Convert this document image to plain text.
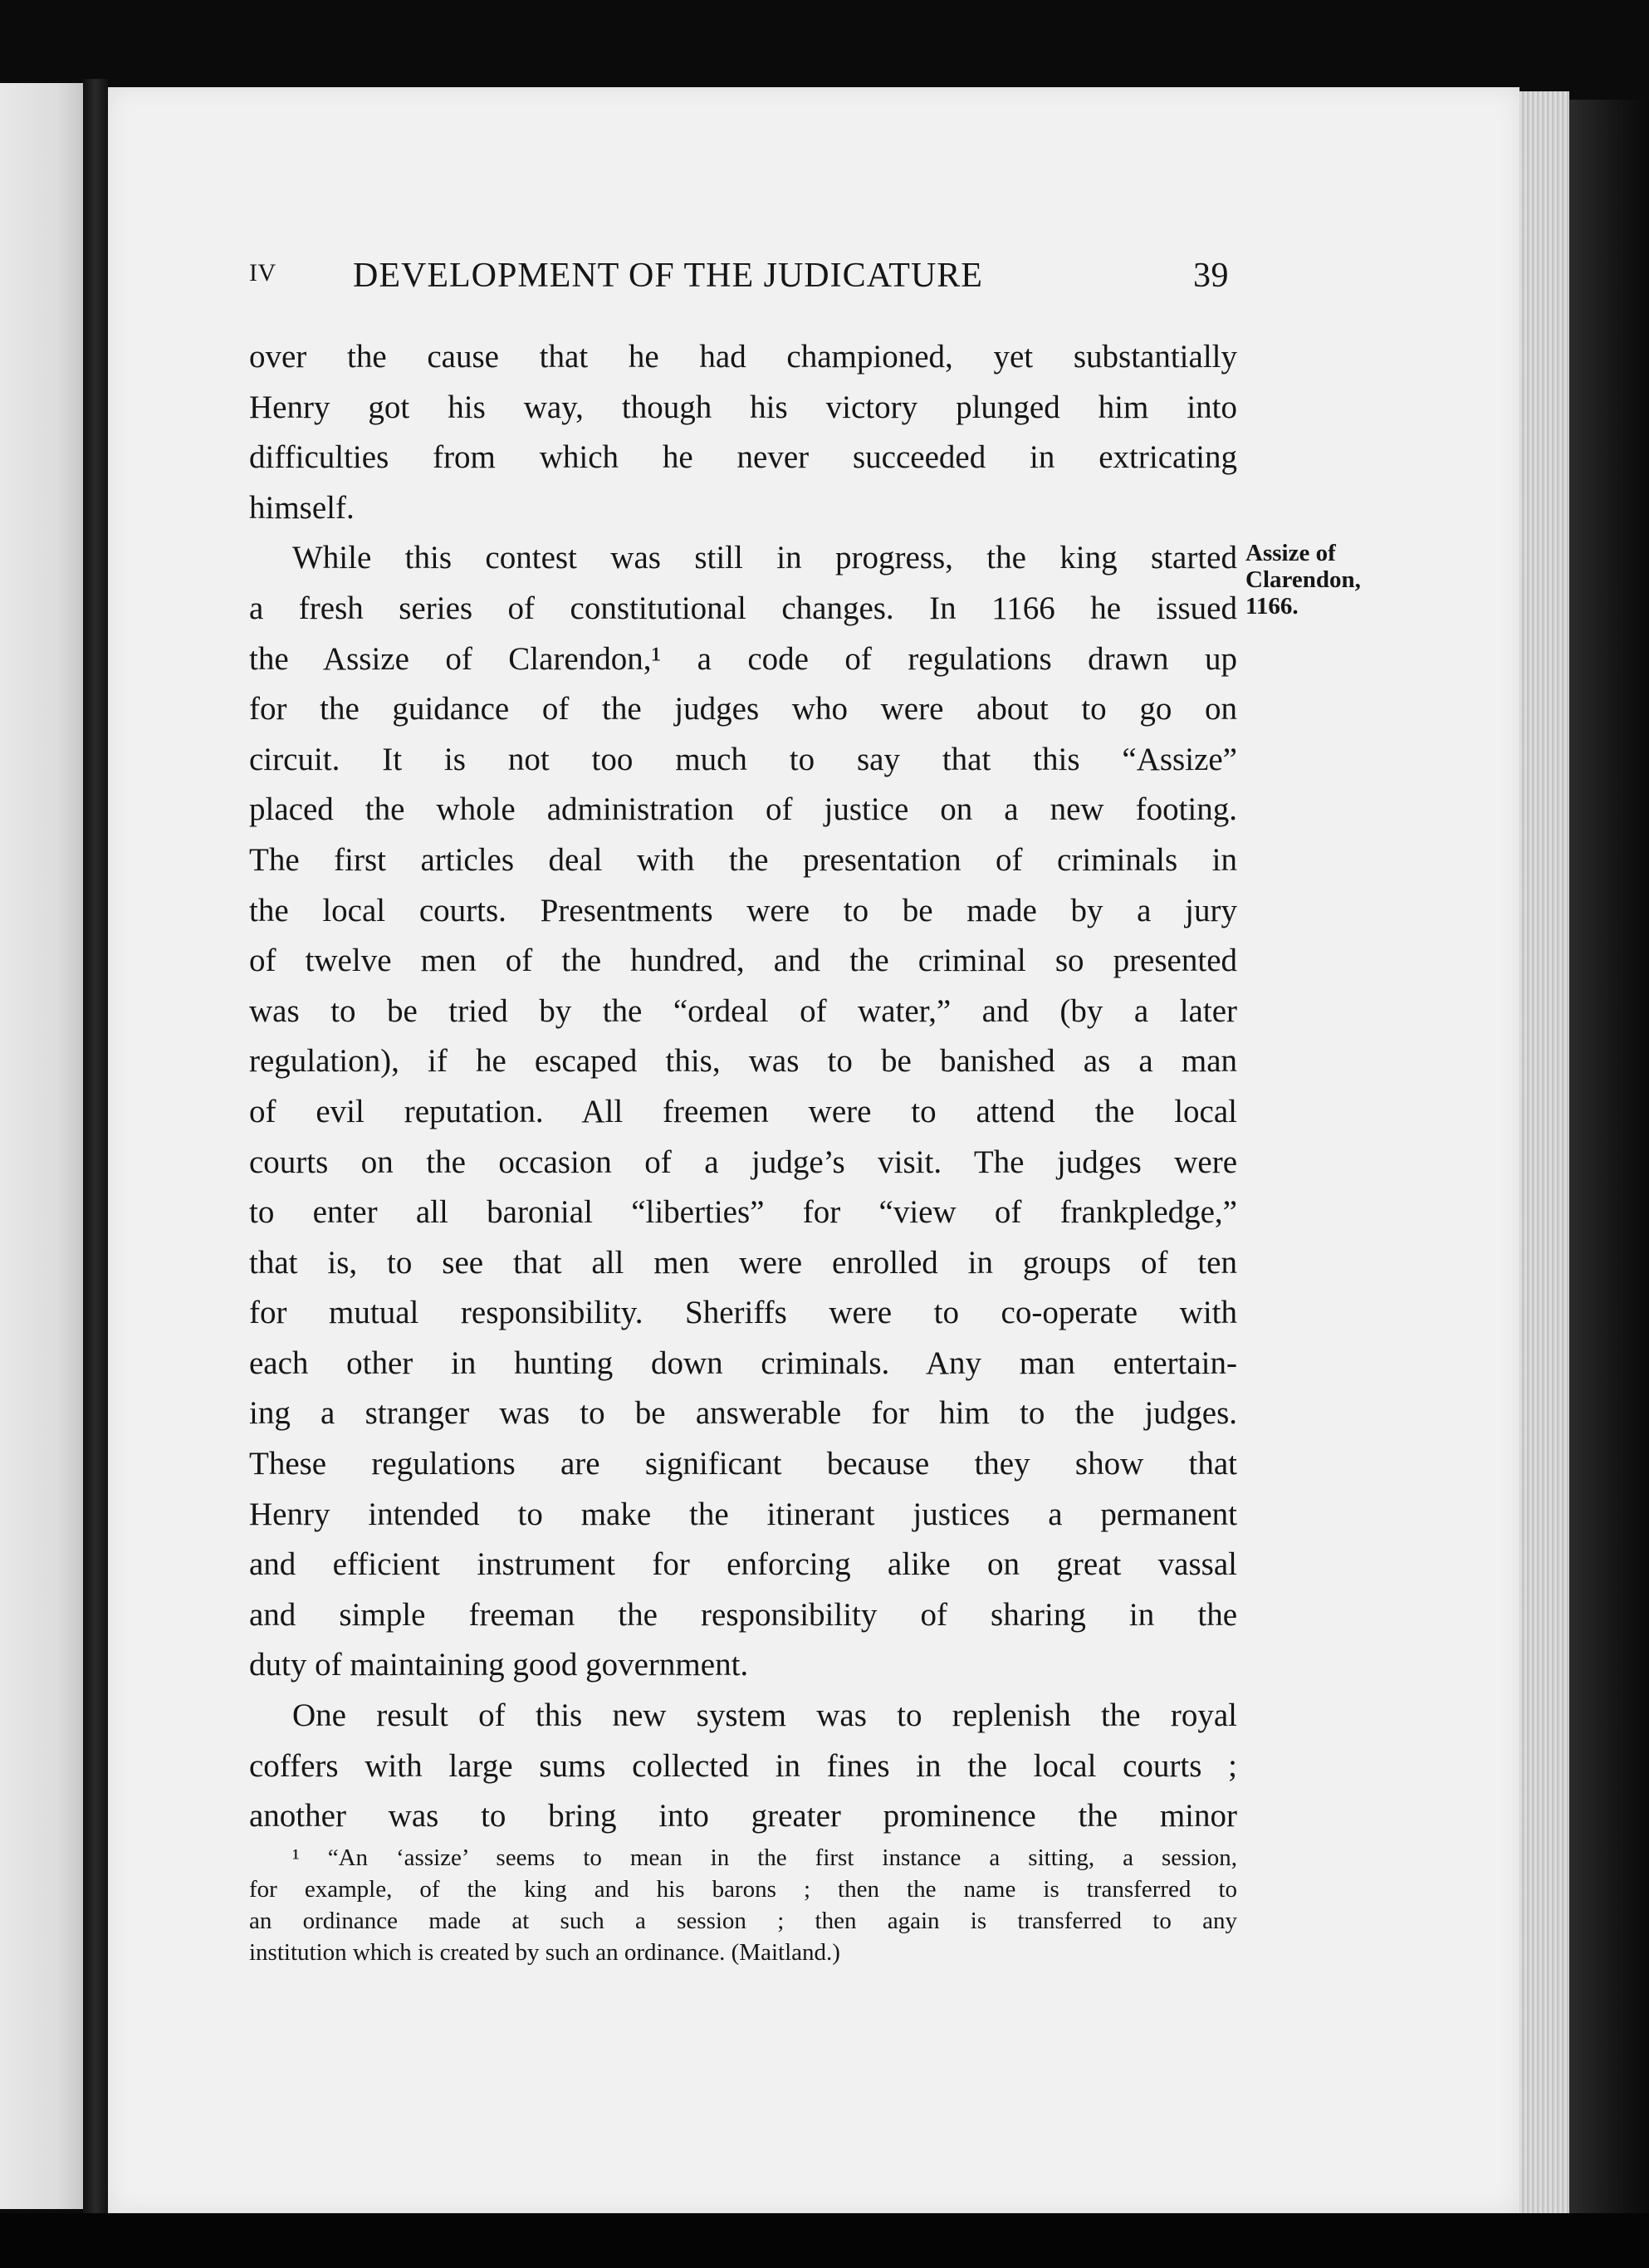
IV DEVELOPMENT OF THE JUDICATURE	39
over the cause that he had championed, yet substantially
Henry got his way, though his victory plunged him into
difficulties from which he never succeeded in extricating
himself.
While this contest was still in progress, the king started
a fresh series of constitutional changes. In 1166 he issued
the Assize of Clarendon,¹ a code of regulations drawn up
for the guidance of the judges who were about to go on
circuit. It is not too much to say that this “Assize”
placed the whole administration of justice on a new footing.
The first articles deal with the presentation of criminals in
the local courts. Presentments were to be made by a jury
of twelve men of the hundred, and the criminal so presented
was to be tried by the “ordeal of water,” and (by a later
regulation), if he escaped this, was to be banished as a man
of evil reputation. All freemen were to attend the local
courts on the occasion of a judge’s visit. The judges were
to enter all baronial “liberties” for “view of frankpledge,”
that is, to see that all men were enrolled in groups of ten
for mutual responsibility. Sheriffs were to co-operate with
each other in hunting down criminals. Any man entertain-
ing a stranger was to be answerable for him to the judges.
These regulations are significant because they show that
Henry intended to make the itinerant justices a permanent
and efficient instrument for enforcing alike on great vassal
and simple freeman the responsibility of sharing in the
duty of maintaining good government.
One result of this new system was to replenish the royal
coffers with large sums collected in fines in the local courts ;
another was to bring into greater prominence the minor
Assize of
Clarendon,
1166.
¹ “An ‘assize’ seems to mean in the first instance a sitting, a session,
for example, of the king and his barons ; then the name is transferred to
an ordinance made at such a session ; then again is transferred to any
institution which is created by such an ordinance. (Maitland.)
